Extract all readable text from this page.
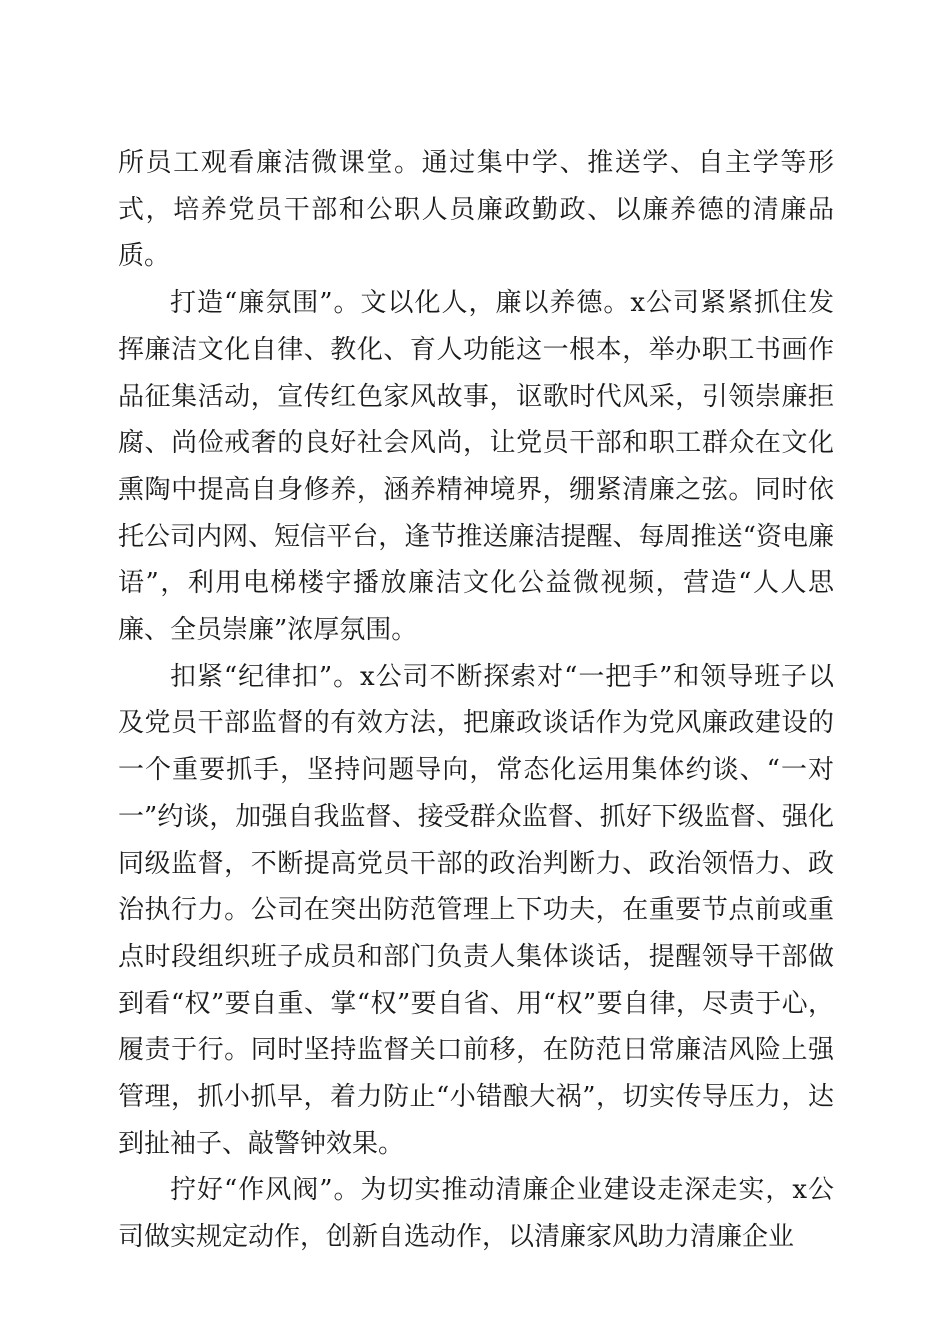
所员工观看廉洁微课堂。通过集中学、推送学、自主学等形式，培养党员干部和公职人员廉政勤政、以廉养德的清廉品质。

打造“廉氛围”。文以化人，廉以养德。x公司紧紧抓住发挥廉洁文化自律、教化、育人功能这一根本，举办职工书画作品征集活动，宣传红色家风故事，讴歌时代风采，引领崇廉拒腐、尚俭戒奢的良好社会风尚，让党员干部和职工群众在文化熏陶中提高自身修养，涵养精神境界，绷紧清廉之弦。同时依托公司内网、短信平台，逢节推送廉洁提醒、每周推送“资电廉语”，利用电梯楼宇播放廉洁文化公益微视频，营造“人人思廉、全员崇廉”浓厚氛围。

扣紧“纪律扣”。x公司不断探索对“一把手”和领导班子以及党员干部监督的有效方法，把廉政谈话作为党风廉政建设的一个重要抓手，坚持问题导向，常态化运用集体约谈、“一对一”约谈，加强自我监督、接受群众监督、抓好下级监督、强化同级监督，不断提高党员干部的政治判断力、政治领悟力、政治执行力。公司在突出防范管理上下功夫，在重要节点前或重点时段组织班子成员和部门负责人集体谈话，提醒领导干部做到看“权”要自重、掌“权”要自省、用“权”要自律，尽责于心，履责于行。同时坚持监督关口前移，在防范日常廉洁风险上强管理，抓小抓早，着力防止“小错酿大祸”，切实传导压力，达到扯袖子、敲警钟效果。

拧好“作风阀”。为切实推动清廉企业建设走深走实，x公司做实规定动作，创新自选动作，以清廉家风助力清廉企业
